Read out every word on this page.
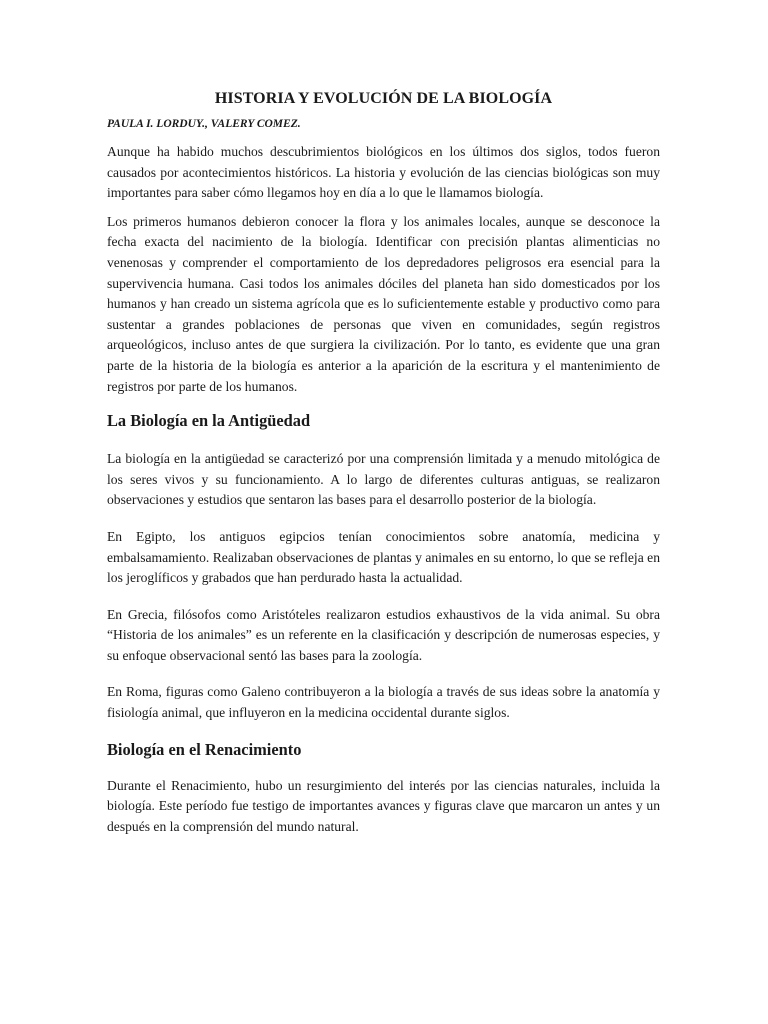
HISTORIA Y EVOLUCIÓN DE LA BIOLOGÍA

PAULA I. LORDUY., VALERY COMEZ.

Aunque ha habido muchos descubrimientos biológicos en los últimos dos siglos, todos fueron causados por acontecimientos históricos. La historia y evolución de las ciencias biológicas son muy importantes para saber cómo llegamos hoy en día a lo que le llamamos biología.

Los primeros humanos debieron conocer la flora y los animales locales, aunque se desconoce la fecha exacta del nacimiento de la biología. Identificar con precisión plantas alimenticias no venenosas y comprender el comportamiento de los depredadores peligrosos era esencial para la supervivencia humana. Casi todos los animales dóciles del planeta han sido domesticados por los humanos y han creado un sistema agrícola que es lo suficientemente estable y productivo como para sustentar a grandes poblaciones de personas que viven en comunidades, según registros arqueológicos, incluso antes de que surgiera la civilización. Por lo tanto, es evidente que una gran parte de la historia de la biología es anterior a la aparición de la escritura y el mantenimiento de registros por parte de los humanos.

La Biología en la Antigüedad

La biología en la antigüedad se caracterizó por una comprensión limitada y a menudo mitológica de los seres vivos y su funcionamiento. A lo largo de diferentes culturas antiguas, se realizaron observaciones y estudios que sentaron las bases para el desarrollo posterior de la biología.

En Egipto, los antiguos egipcios tenían conocimientos sobre anatomía, medicina y embalsamamiento. Realizaban observaciones de plantas y animales en su entorno, lo que se refleja en los jeroglíficos y grabados que han perdurado hasta la actualidad.

En Grecia, filósofos como Aristóteles realizaron estudios exhaustivos de la vida animal. Su obra “Historia de los animales” es un referente en la clasificación y descripción de numerosas especies, y su enfoque observacional sentó las bases para la zoología.

En Roma, figuras como Galeno contribuyeron a la biología a través de sus ideas sobre la anatomía y fisiología animal, que influyeron en la medicina occidental durante siglos.

Biología en el Renacimiento

Durante el Renacimiento, hubo un resurgimiento del interés por las ciencias naturales, incluida la biología. Este período fue testigo de importantes avances y figuras clave que marcaron un antes y un después en la comprensión del mundo natural.
